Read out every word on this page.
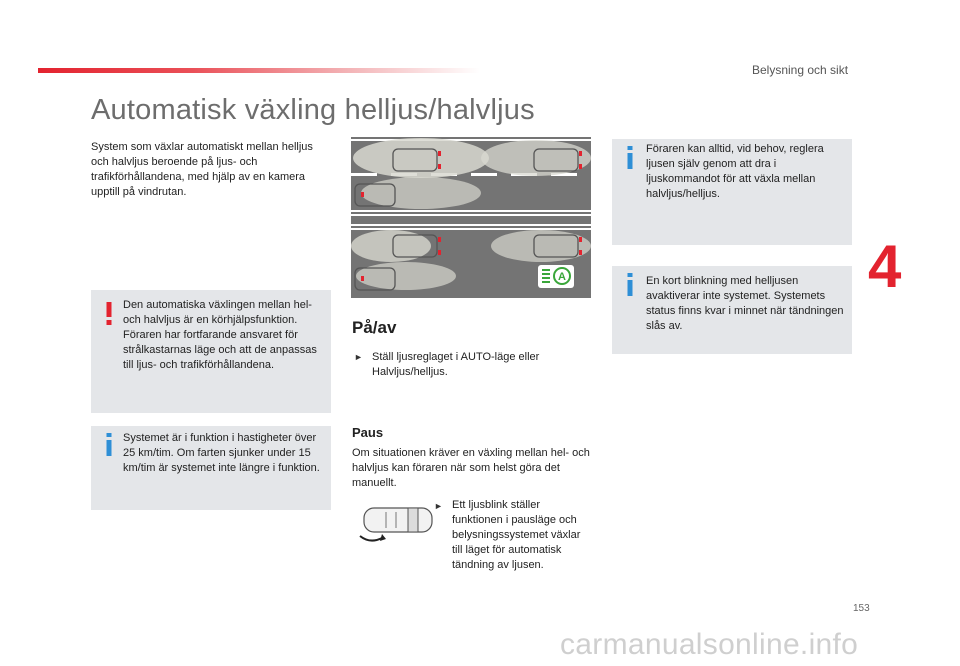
Belysning och sikt
Automatisk växling helljus/halvljus
System som växlar automatiskt mellan helljus och halvljus beroende på ljus- och trafikförhållandena, med hjälp av en kamera upptill på vindrutan.
Den automatiska växlingen mellan hel- och halvljus är en körhjälpsfunktion. Föraren har fortfarande ansvaret för strålkastarnas läge och att de anpassas till ljus- och trafikförhållandena.
Systemet är i funktion i hastigheter över 25 km/tim. Om farten sjunker under 15 km/tim är systemet inte längre i funktion.
A
På/av
► Ställ ljusreglaget i AUTO-läge eller Halvljus/helljus.
Paus
Om situationen kräver en växling mellan hel- och halvljus kan föraren när som helst göra det manuellt.
► Ett ljusblink ställer funktionen i pausläge och belysningssystemet växlar till läget för automatisk tändning av ljusen.
Föraren kan alltid, vid behov, reglera ljusen själv genom att dra i ljuskommandot för att växla mellan halvljus/helljus.
En kort blinkning med helljusen avaktiverar inte systemet. Systemets status finns kvar i minnet när tändningen slås av.
4
153
carmanualsonline.info
